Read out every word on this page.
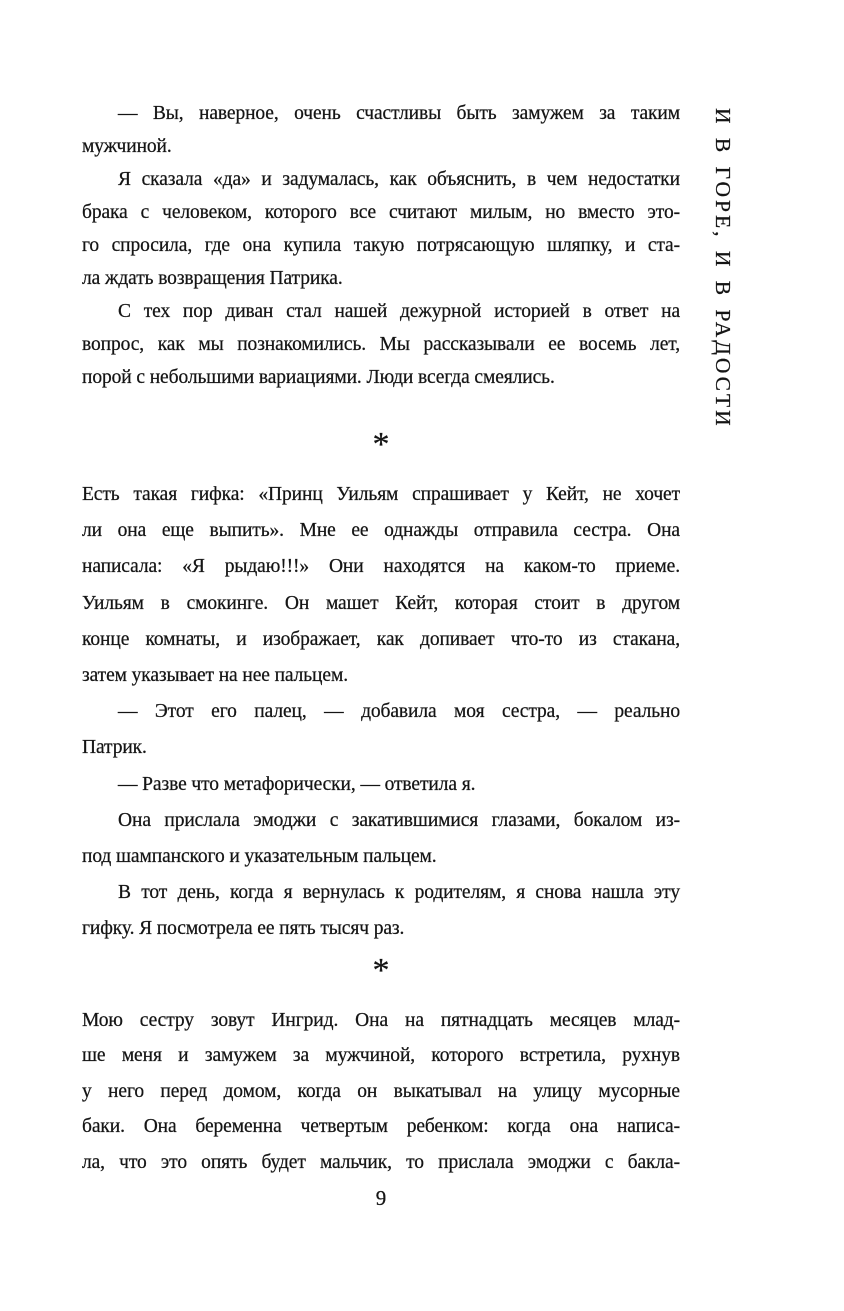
— Вы, наверное, очень счастливы быть замужем за таким
мужчиной.
Я сказала «да» и задумалась, как объяснить, в чем недостатки
брака с человеком, которого все считают милым, но вместо это-
го спросила, где она купила такую потрясающую шляпку, и ста-
ла ждать возвращения Патрика.
С тех пор диван стал нашей дежурной историей в ответ на
вопрос, как мы познакомились. Мы рассказывали ее восемь лет,
порой с небольшими вариациями. Люди всегда смеялись.
*
Есть такая гифка: «Принц Уильям спрашивает у Кейт, не хочет
ли она еще выпить». Мне ее однажды отправила сестра. Она
написала: «Я рыдаю!!!» Они находятся на каком-то приеме.
Уильям в смокинге. Он машет Кейт, которая стоит в другом
конце комнаты, и изображает, как допивает что-то из стакана,
затем указывает на нее пальцем.
— Этот его палец, — добавила моя сестра, — реально
Патрик.
— Разве что метафорически, — ответила я.
Она прислала эмоджи с закатившимися глазами, бокалом из-
под шампанского и указательным пальцем.
В тот день, когда я вернулась к родителям, я снова нашла эту
гифку. Я посмотрела ее пять тысяч раз.
*
Мою сестру зовут Ингрид. Она на пятнадцать месяцев млад-
ше меня и замужем за мужчиной, которого встретила, рухнув
у него перед домом, когда он выкатывал на улицу мусорные
баки. Она беременна четвертым ребенком: когда она написа-
ла, что это опять будет мальчик, то прислала эмоджи с бакла-
И В ГОРЕ, И В РАДОСТИ
9
